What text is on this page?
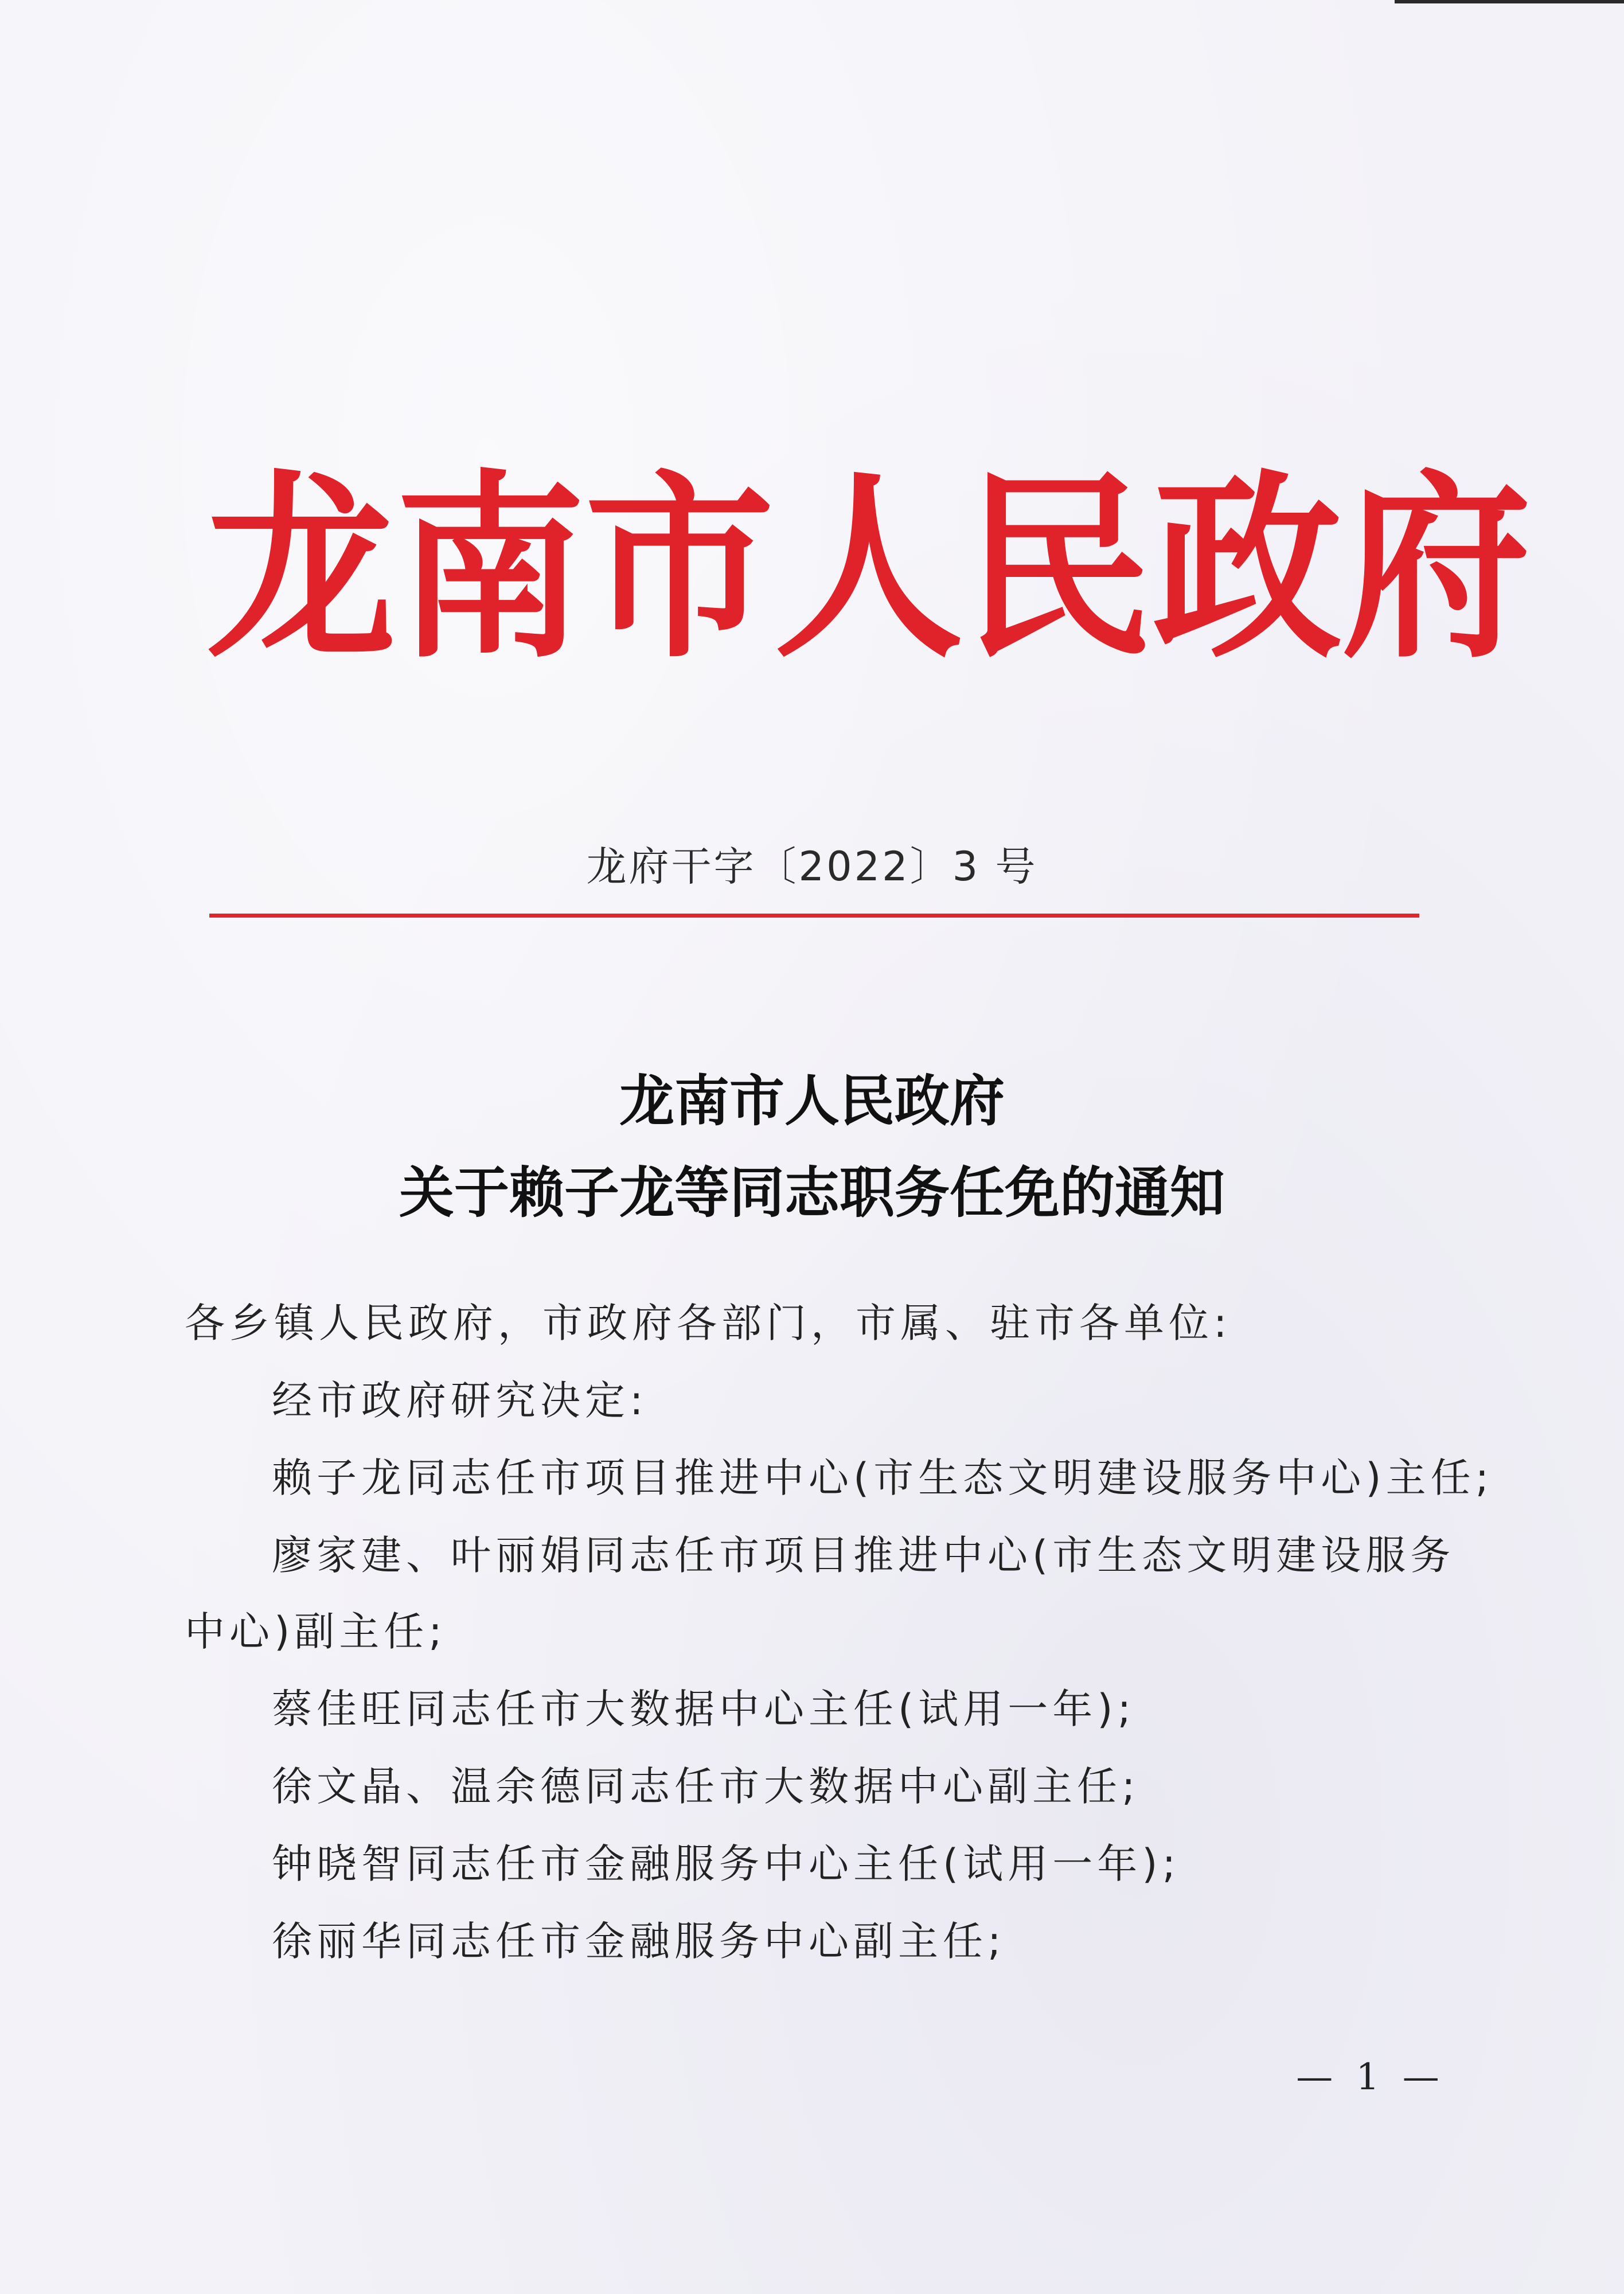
龙 南 市 人 民 政 府
龙府干字〔2022〕3 号
龙南市人民政府
关于赖子龙等同志职务任免的通知
各乡镇人民政府，市政府各部门，市属、驻市各单位:
经市政府研究决定:
赖子龙同志任市项目推进中心(市生态文明建设服务中心)主任;
廖家建、叶丽娟同志任市项目推进中心(市生态文明建设服务
中心)副主任;
蔡佳旺同志任市大数据中心主任(试用一年);
徐文晶、温余德同志任市大数据中心副主任;
钟晓智同志任市金融服务中心主任(试用一年);
徐丽华同志任市金融服务中心副主任;
— 1 —
